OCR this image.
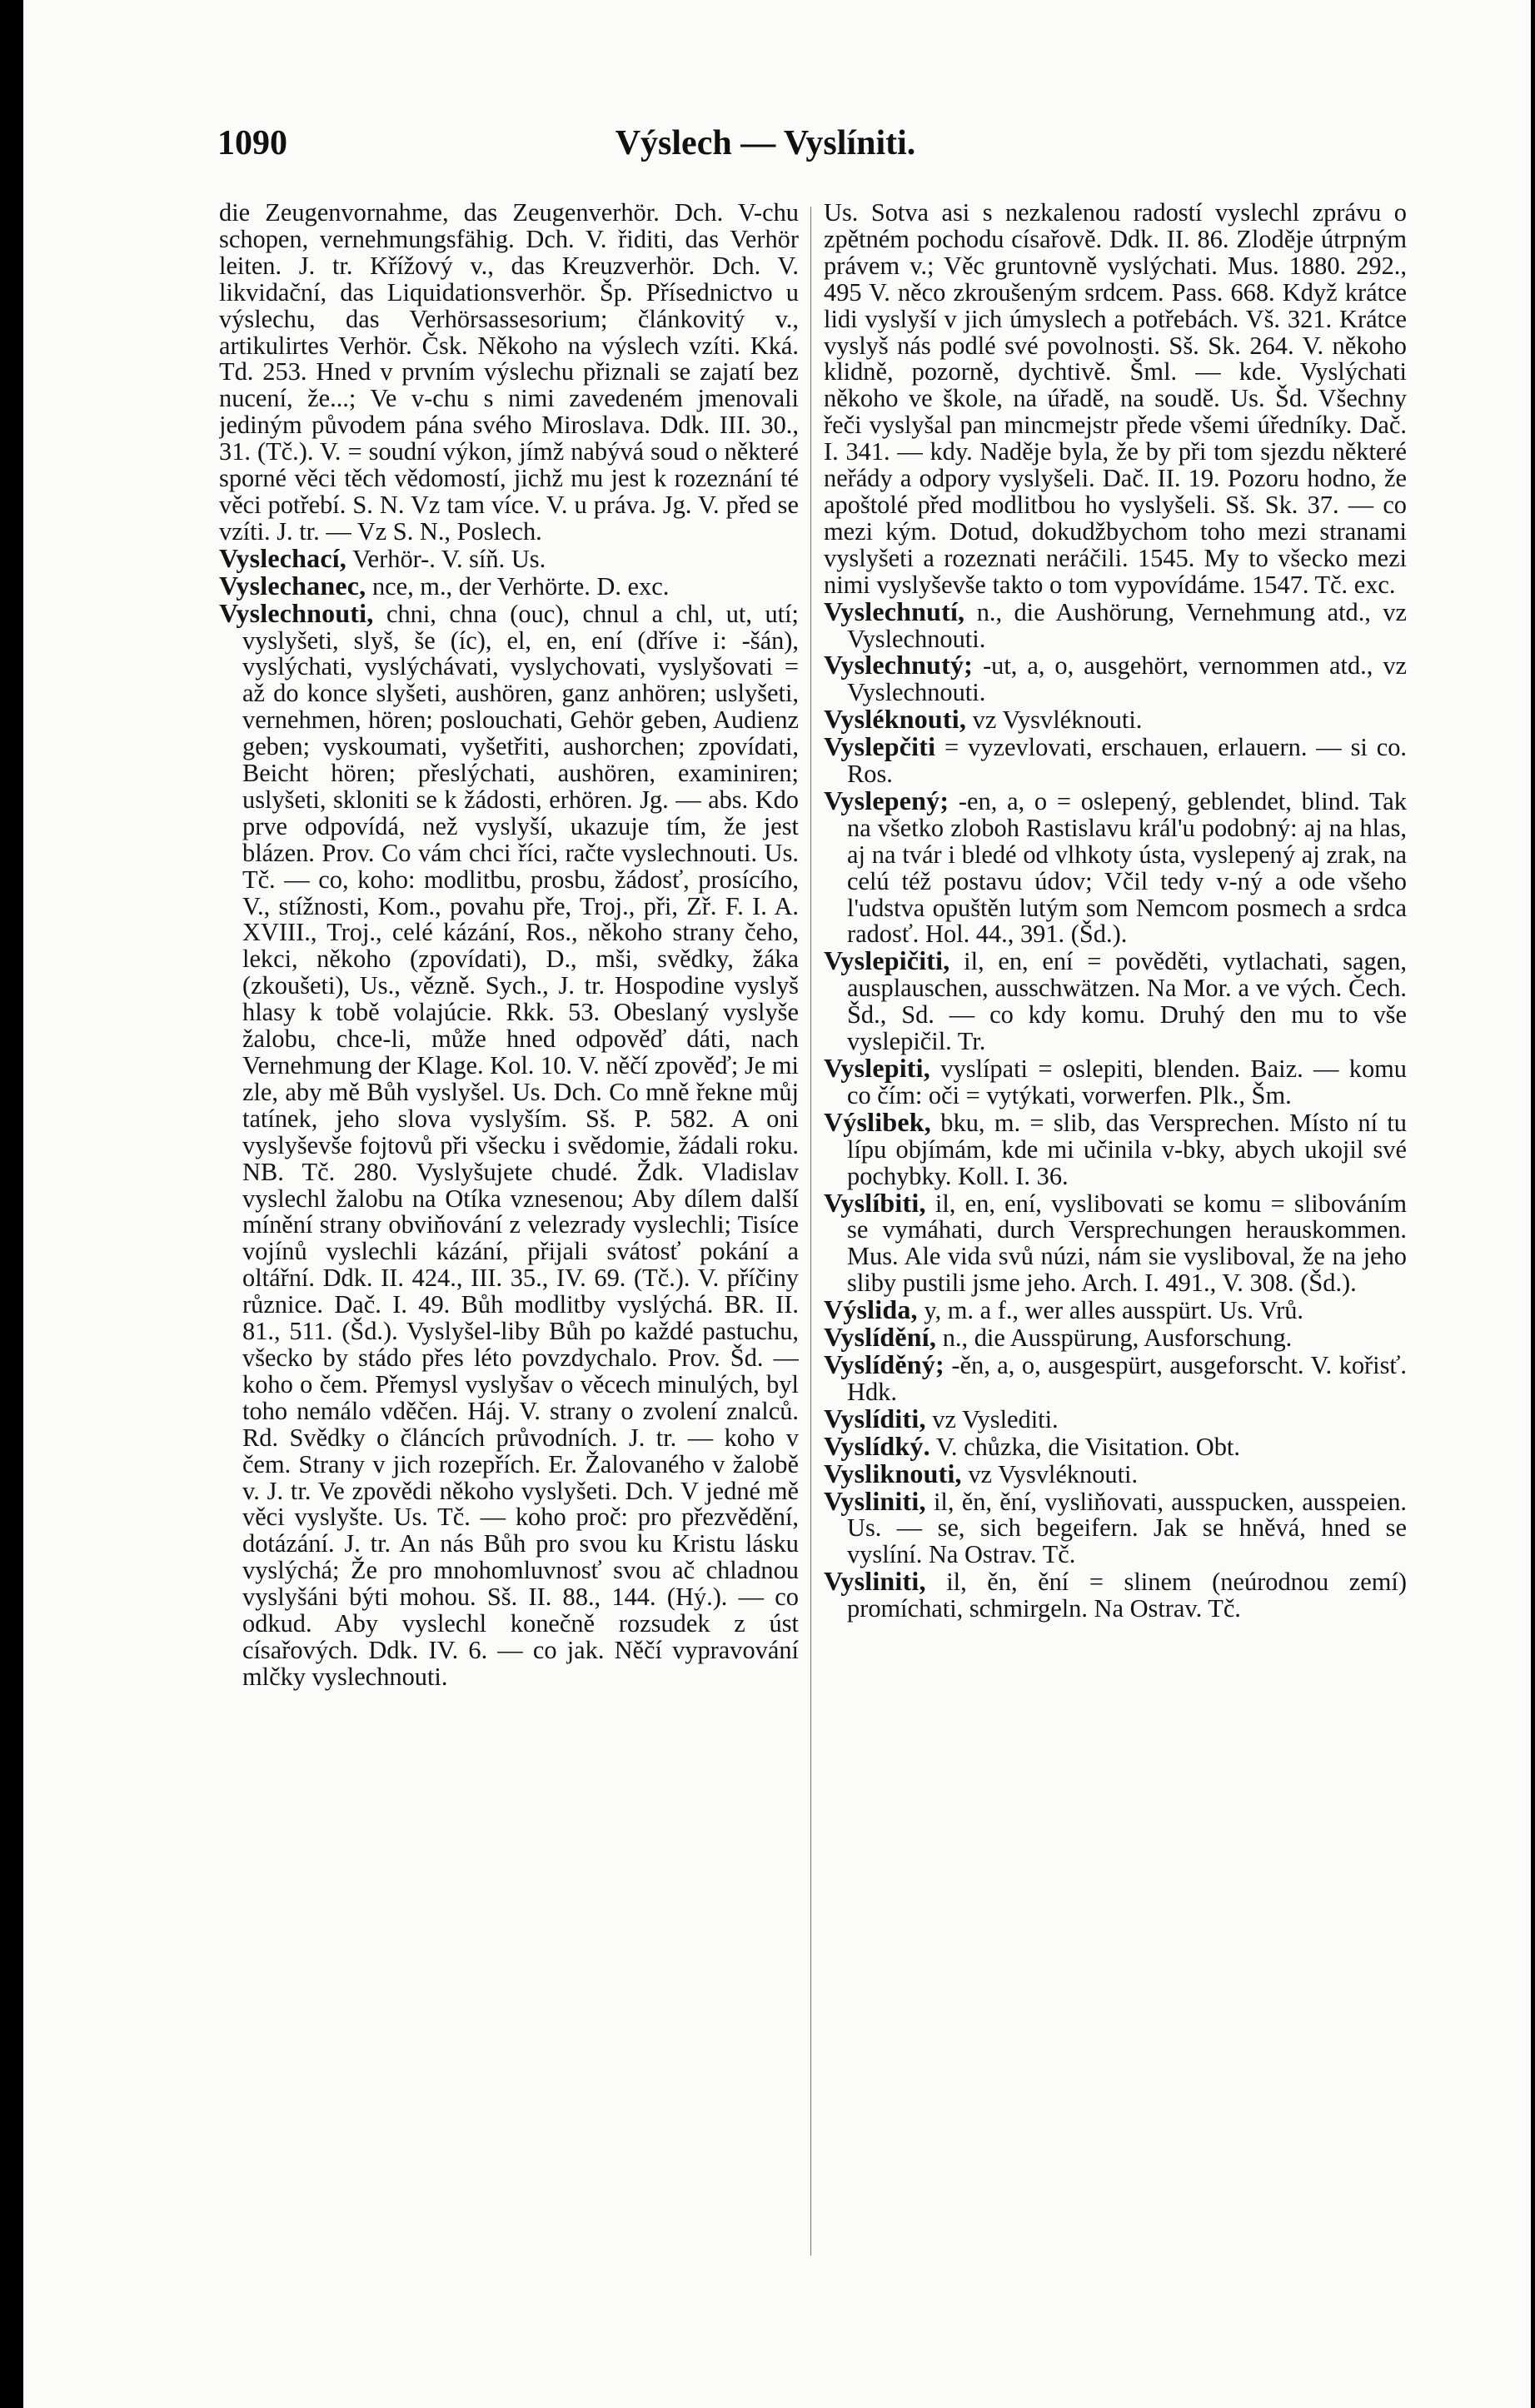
Výslech — Vyslíniti.
1090

die Zeugenvornahme, das Zeugenverhör. Dch. V-chu schopen, vernehmungsfähig. Dch. V. řiditi, das Verhör leiten. J. tr. Křížový v., das Kreuzverhör. Dch. V. likvidační, das Liquidationsverhör. Šp. Přísednictvo u výslechu, das Verhörsassesorium; článkovitý v., artikulirtes Verhör. Čsk. Někoho na výslech vzíti. Kká. Td. 253. Hned v prvním výslechu přiznali se zajatí bez nucení, že...; Ve v-chu s nimi zavedeném jmenovali jediným původem pána svého Miroslava. Ddk. III. 30., 31. (Tč.). V. = soudní výkon, jímž nabývá soud o některé sporné věci těch vědomostí, jichž mu jest k rozeznání té věci potřebí. S. N. Vz tam více. V. u práva. Jg. V. před se vzíti. J. tr. — Vz S. N., Poslech.

Vyslechací, Verhör-. V. síň. Us.

Vyslechanec, nce, m., der Verhörte. D. exc.

Vyslechnouti, chni, chna (ouc), chnul a chl, ut, utí; vyslyšeti, slyš, še (íc), el, en, ení (dříve i: -šán), vyslýchati, vyslýchávati, vyslychovati, vyslyšovati = až do konce slyšeti, aushören, ganz anhören; uslyšeti, vernehmen, hören; poslouchati, Gehör geben, Audienz geben; vyskoumati, vyšetřiti, aushorchen; zpovídati, Beicht hören; přeslýchati, aushören, examiniren; uslyšeti, skloniti se k žádosti, erhören. Jg. — abs. Kdo prve odpovídá, než vyslyší, ukazuje tím, že jest blázen. Prov. Co vám chci říci, račte vyslechnouti. Us. Tč. — co, koho: modlitbu, prosbu, žádosť, prosícího, V., stížnosti, Kom., povahu pře, Troj., při, Zř. F. I. A. XVIII., Troj., celé kázání, Ros., někoho strany čeho, lekci, někoho (zpovídati), D., mši, svědky, žáka (zkoušeti), Us., vězně. Sych., J. tr. Hospodine vyslyš hlasy k tobě volajúcie. Rkk. 53. Obeslaný vyslyše žalobu, chce-li, může hned odpověď dáti, nach Vernehmung der Klage. Kol. 10. V. něčí zpověď; Je mi zle, aby mě Bůh vyslyšel. Us. Dch. Co mně řekne můj tatínek, jeho slova vyslyším. Sš. P. 582. A oni vyslyševše fojtovů při všecku i svědomie, žádali roku. NB. Tč. 280. Vyslyšujete chudé. Ždk. Vladislav vyslechl žalobu na Otíka vznesenou; Aby dílem další mínění strany obviňování z velezrady vyslechli; Tisíce vojínů vyslechli kázání, přijali svátosť pokání a oltářní. Ddk. II. 424., III. 35., IV. 69. (Tč.). V. příčiny různice. Dač. I. 49. Bůh modlitby vyslýchá. BR. II. 81., 511. (Šd.). Vyslyšel-liby Bůh po každé pastuchu, všecko by stádo přes léto povzdychalo. Prov. Šd. — koho o čem. Přemysl vyslyšav o věcech minulých, byl toho nemálo vděčen. Háj. V. strany o zvolení znalců. Rd. Svědky o článcích průvodních. J. tr. — koho v čem. Strany v jich rozepřích. Er. Žalovaného v žalobě v. J. tr. Ve zpovědi někoho vyslyšeti. Dch. V jedné mě věci vyslyšte. Us. Tč. — koho proč: pro přezvědění, dotázání. J. tr. An nás Bůh pro svou ku Kristu lásku vyslýchá; Že pro mnohomluvnosť svou ač chladnou vyslyšáni býti mohou. Sš. II. 88., 144. (Hý.). — co odkud. Aby vyslechl konečně rozsudek z úst císařových. Ddk. IV. 6. — co jak. Něčí vypravování mlčky vyslechnouti.

Us. Sotva asi s nezkalenou radostí vyslechl zprávu o zpětném pochodu císařově. Ddk. II. 86. Zloděje útrpným právem v.; Věc gruntovně vyslýchati. Mus. 1880. 292., 495 V. něco zkroušeným srdcem. Pass. 668. Když krátce lidi vyslyší v jich úmyslech a potřebách. Vš. 321. Krátce vyslyš nás podlé své povolnosti. Sš. Sk. 264. V. někoho klidně, pozorně, dychtivě. Šml. — kde. Vyslýchati někoho ve škole, na úřadě, na soudě. Us. Šd. Všechny řeči vyslyšal pan mincmejstr přede všemi úředníky. Dač. I. 341. — kdy. Naděje byla, že by při tom sjezdu některé neřády a odpory vyslyšeli. Dač. II. 19. Pozoru hodno, že apoštolé před modlitbou ho vyslyšeli. Sš. Sk. 37. — co mezi kým. Dotud, dokudžbychom toho mezi stranami vyslyšeti a rozeznati neráčili. 1545. My to všecko mezi nimi vyslyševše takto o tom vypovídáme. 1547. Tč. exc.

Vyslechnutí, n., die Aushörung, Vernehmung atd., vz Vyslechnouti.

Vyslechnutý; -ut, a, o, ausgehört, vernommen atd., vz Vyslechnouti.

Vysléknouti, vz Vysvléknouti.

Vyslepčiti = vyzevlovati, erschauen, erlauern. — si co. Ros.

Vyslepený; -en, a, o = oslepený, geblendet, blind. Tak na všetko zloboh Rastislavu král'u podobný: aj na hlas, aj na tvár i bledé od vlhkoty ústa, vyslepený aj zrak, na celú též postavu údov; Včil tedy v-ný a ode všeho l'udstva opuštěn lutým som Nemcom posmech a srdca radosť. Hol. 44., 391. (Šd.).

Vyslepičiti, il, en, ení = pověděti, vytlachati, sagen, ausplauschen, ausschwätzen. Na Mor. a ve vých. Čech. Šd., Sd. — co kdy komu. Druhý den mu to vše vyslepičil. Tr.

Vyslepiti, vyslípati = oslepiti, blenden. Baiz. — komu co čím: oči = vytýkati, vorwerfen. Plk., Šm.

Výslibek, bku, m. = slib, das Versprechen. Místo ní tu lípu objímám, kde mi učinila v-bky, abych ukojil své pochybky. Koll. I. 36.

Vyslíbiti, il, en, ení, vyslibovati se komu = slibováním se vymáhati, durch Versprechungen herauskommen. Mus. Ale vida svů núzi, nám sie vysliboval, že na jeho sliby pustili jsme jeho. Arch. I. 491., V. 308. (Šd.).

Výslida, y, m. a f., wer alles ausspürt. Us. Vrů.

Vyslídění, n., die Ausspürung, Ausforschung.

Vyslíděný; -ěn, a, o, ausgespürt, ausgeforscht. V. kořisť. Hdk.

Vyslíditi, vz Vyslediti.

Vyslídký. V. chůzka, die Visitation. Obt.

Vysliknouti, vz Vysvléknouti.

Vysliniti, il, ěn, ění, vysliňovati, ausspucken, ausspeien. Us. — se, sich begeifern. Jak se hněvá, hned se vyslíní. Na Ostrav. Tč.

Vysliniti, il, ěn, ění = slinem (neúrodnou zemí) promíchati, schmirgeln. Na Ostrav. Tč.
